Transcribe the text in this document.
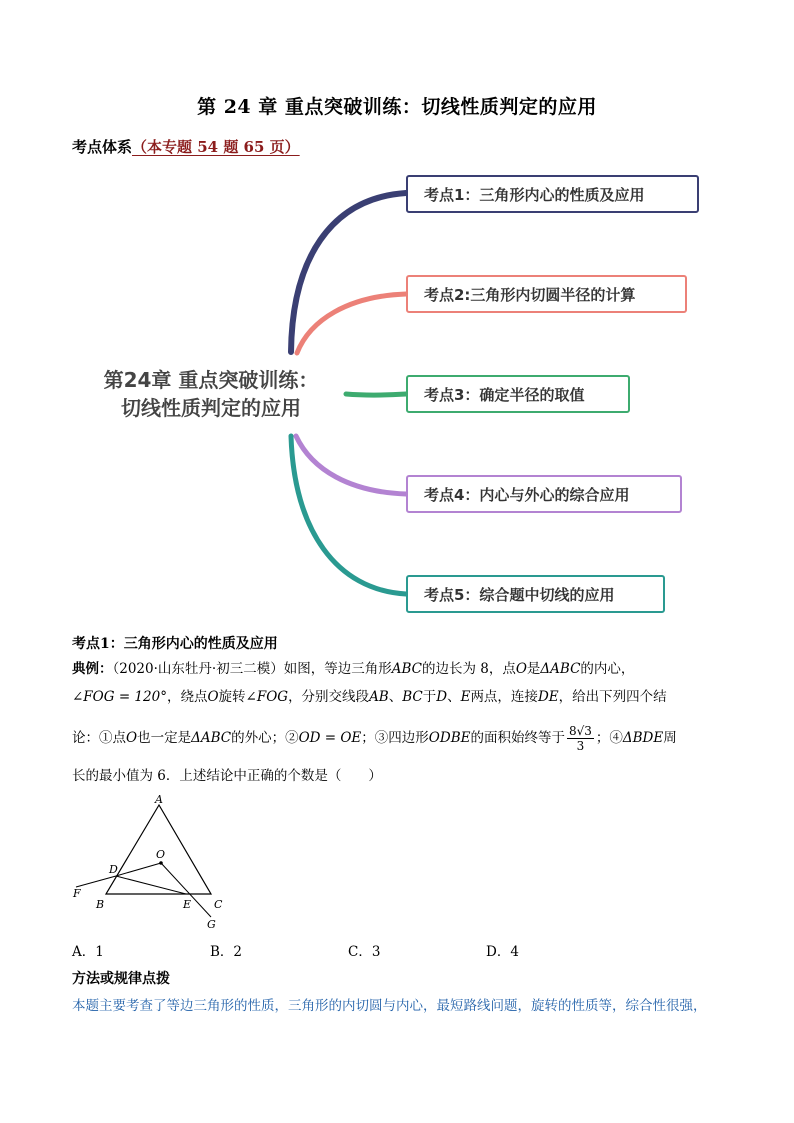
第 24 章 重点突破训练：切线性质判定的应用
考点体系（本专题 54 题 65 页）
第24章 重点突破训练：
切线性质判定的应用
考点1：三角形内心的性质及应用
考点2:三角形内切圆半径的计算
考点3：确定半径的取值
考点4：内心与外心的综合应用
考点5：综合题中切线的应用
考点1：三角形内心的性质及应用
典例：（2020·山东牡丹·初三二模）如图，等边三角形ABC的边长为 8，点O是ΔABC的内心，
∠FOG = 120°，绕点O旋转∠FOG，分别交线段AB、BC于D、E两点，连接DE，给出下列四个结
论：①点O也一定是ΔABC的外心；②OD = OE；③四边形ODBE的面积始终等于 $\frac{8√3}{3}$ ；④ΔBDE周
长的最小值为 6．上述结论中正确的个数是（　　）
A
B	C
D
E
F
G
O
A．1	B．2	C．3	D．4
方法或规律点拨
本题主要考查了等边三角形的性质，三角形的内切圆与内心，最短路线问题，旋转的性质等，综合性很强，
